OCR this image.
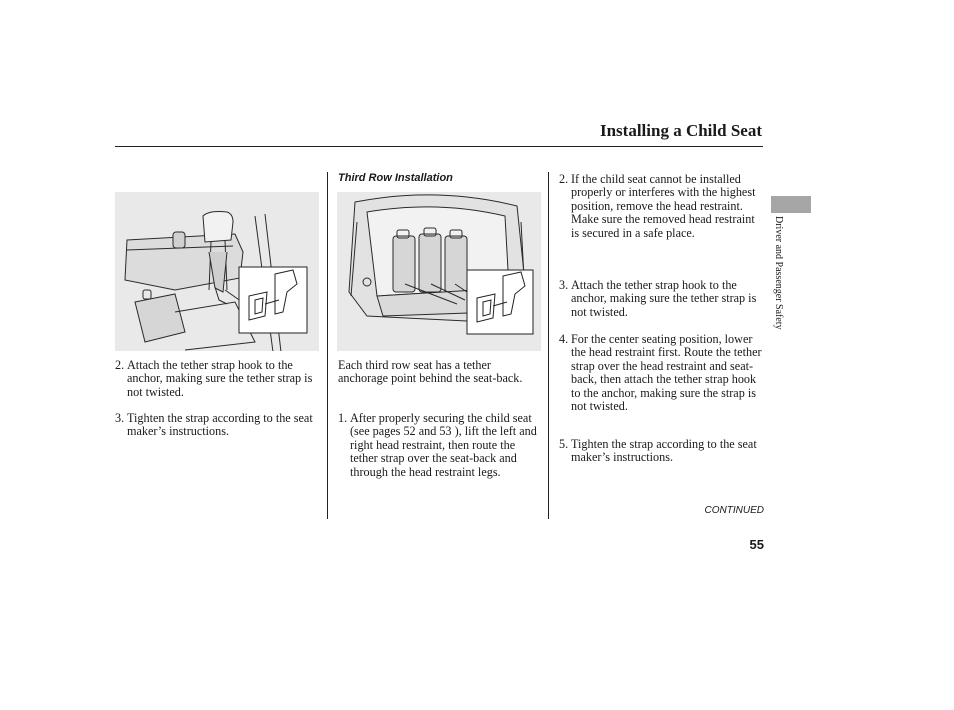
Installing a Child Seat
2. Attach the tether strap hook to the anchor, making sure the tether strap is not twisted.
3. Tighten the strap according to the seat maker’s instructions.
Third Row Installation
Each third row seat has a tether anchorage point behind the seat-back.
1. After properly securing the child seat (see pages 52 and 53 ), lift the left and right head restraint, then route the tether strap over the seat-back and through the head restraint legs.
2. If the child seat cannot be installed properly or interferes with the highest position, remove the head restraint. Make sure the removed head restraint is secured in a safe place.
3. Attach the tether strap hook to the anchor, making sure the tether strap is not twisted.
4. For the center seating position, lower the head restraint first. Route the tether strap over the head restraint and seat-back, then attach the tether strap hook to the anchor, making sure the strap is not twisted.
5. Tighten the strap according to the seat maker’s instructions.
Driver and Passenger Safety
CONTINUED
55
